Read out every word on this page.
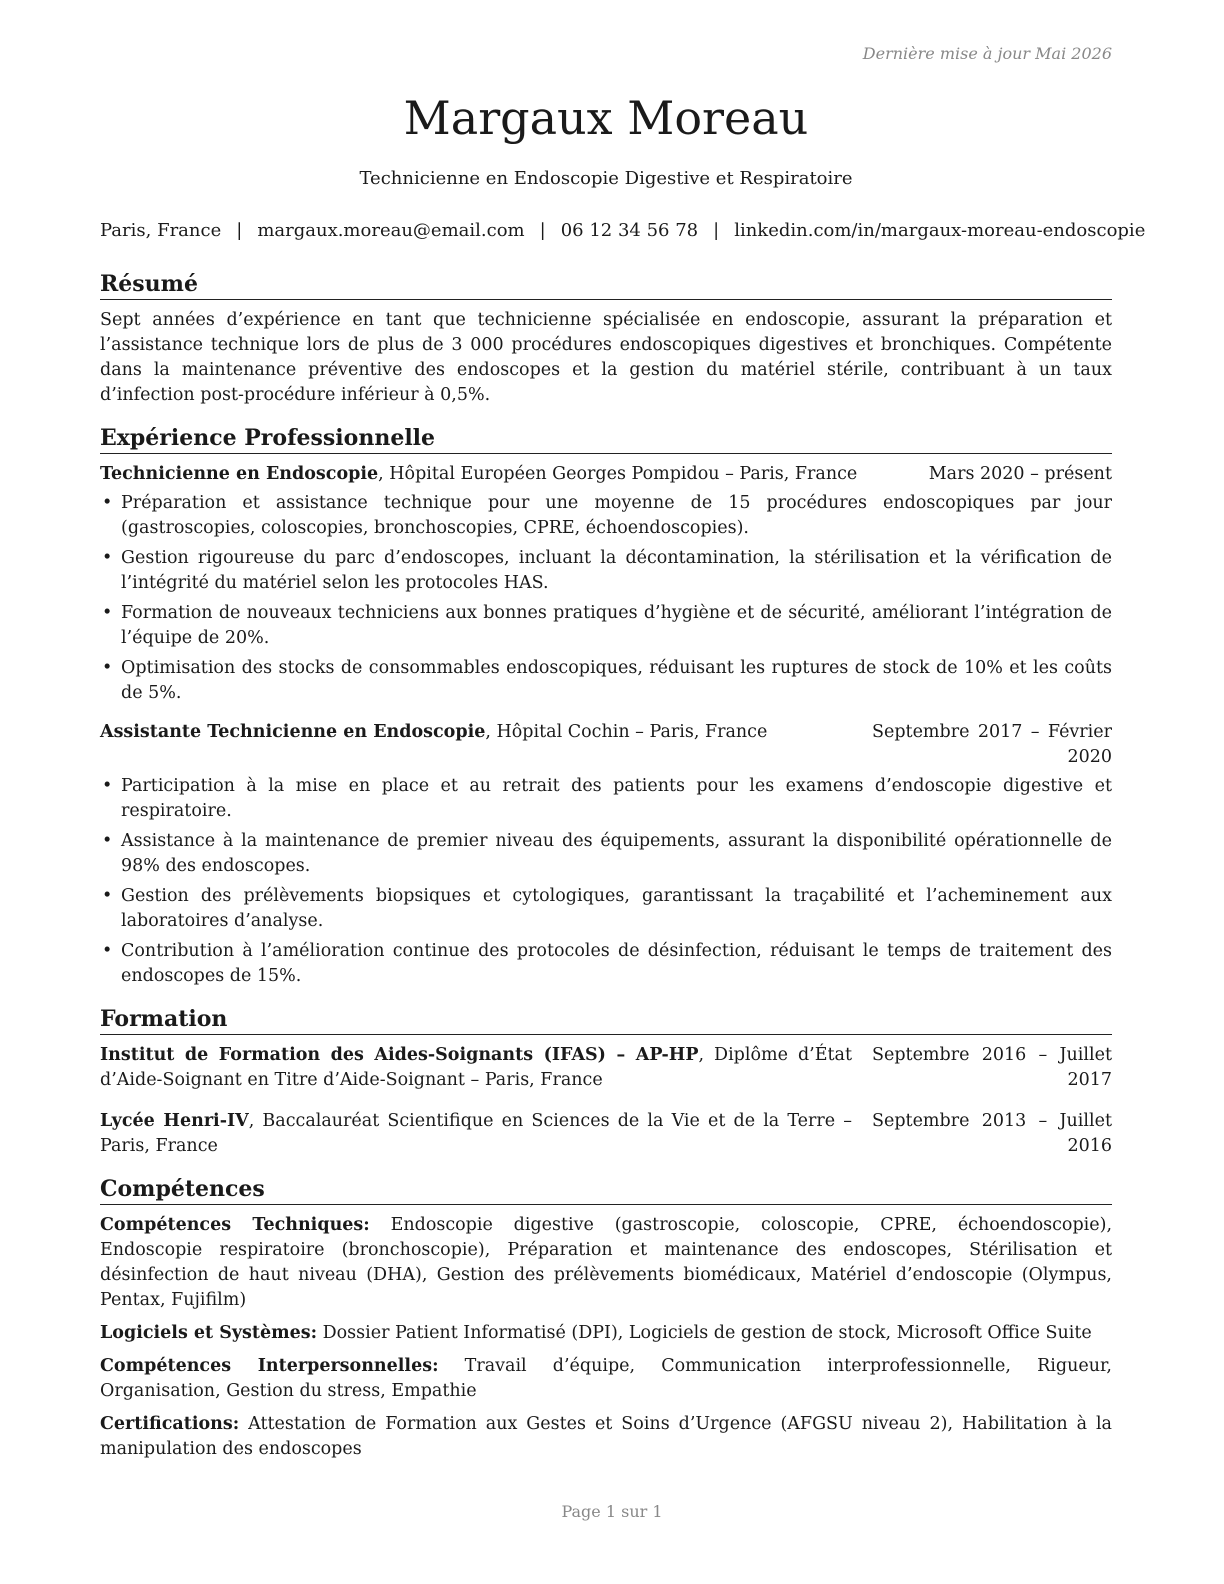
Dernière mise à jour Mai 2026
Margaux Moreau
Technicienne en Endoscopie Digestive et Respiratoire
Paris, France | margaux.moreau@email.com | 06 12 34 56 78 | linkedin.com/in/margaux-moreau-endoscopie
Résumé

Sept années d’expérience en tant que technicienne spécialisée en endoscopie, assurant la préparation et l’assistance technique lors de plus de 3 000 procédures endoscopiques digestives et bronchiques. Compétente dans la maintenance préventive des endoscopes et la gestion du matériel stérile, contribuant à un taux d’infection post-procédure inférieur à 0,5%.

Expérience Professionnelle
Technicienne en Endoscopie, Hôpital Européen Georges Pompidou – Paris, France	Mars 2020 – présent
• Préparation et assistance technique pour une moyenne de 15 procédures endoscopiques par jour (gastroscopies, coloscopies, bronchoscopies, CPRE, échoendoscopies).
• Gestion rigoureuse du parc d’endoscopes, incluant la décontamination, la stérilisation et la vérification de l’intégrité du matériel selon les protocoles HAS.
• Formation de nouveaux techniciens aux bonnes pratiques d’hygiène et de sécurité, améliorant l’intégration de l’équipe de 20%.
• Optimisation des stocks de consommables endoscopiques, réduisant les ruptures de stock de 10% et les coûts de 5%.
Assistante Technicienne en Endoscopie, Hôpital Cochin – Paris, France	Septembre 2017 – Février 2020
• Participation à la mise en place et au retrait des patients pour les examens d’endoscopie digestive et respiratoire.
• Assistance à la maintenance de premier niveau des équipements, assurant la disponibilité opérationnelle de 98% des endoscopes.
• Gestion des prélèvements biopsiques et cytologiques, garantissant la traçabilité et l’acheminement aux laboratoires d’analyse.
• Contribution à l’amélioration continue des protocoles de désinfection, réduisant le temps de traitement des endoscopes de 15%.
Formation
Institut de Formation des Aides-Soignants (IFAS) – AP-HP, Diplôme d’État d’Aide-Soignant en Titre d’Aide-Soignant – Paris, France
Septembre 2016 – Juillet 2017
Lycée Henri-IV, Baccalauréat Scientifique en Sciences de la Vie et de la Terre – Paris, France
Septembre 2013 – Juillet 2016
Compétences
Compétences Techniques: Endoscopie digestive (gastroscopie, coloscopie, CPRE, échoendoscopie), Endoscopie respiratoire (bronchoscopie), Préparation et maintenance des endoscopes, Stérilisation et désinfection de haut niveau (DHA), Gestion des prélèvements biomédicaux, Matériel d’endoscopie (Olympus, Pentax, Fujifilm)
Logiciels et Systèmes: Dossier Patient Informatisé (DPI), Logiciels de gestion de stock, Microsoft Office Suite
Compétences Interpersonnelles: Travail d’équipe, Communication interprofessionnelle, Rigueur, Organisation, Gestion du stress, Empathie
Certifications: Attestation de Formation aux Gestes et Soins d’Urgence (AFGSU niveau 2), Habilitation à la manipulation des endoscopes
Page 1 sur 1
